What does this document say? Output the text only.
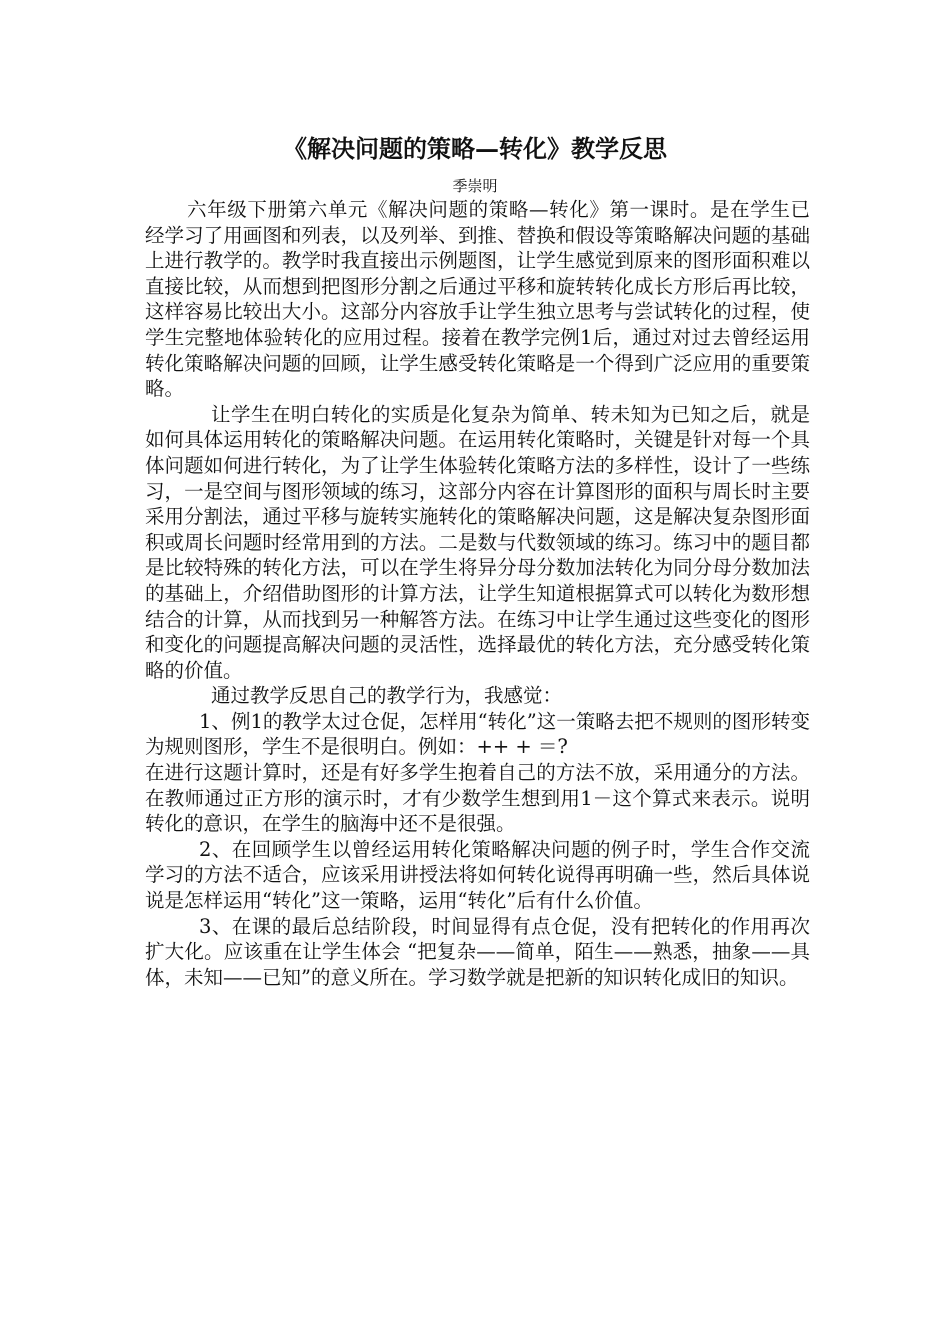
《解决问题的策略—转化》教学反思
季崇明

六年级下册第六单元《解决问题的策略—转化》第一课时。是在学生已经学习了用画图和列表，以及列举、到推、替换和假设等策略解决问题的基础上进行教学的。教学时我直接出示例题图，让学生感觉到原来的图形面积难以直接比较，从而想到把图形分割之后通过平移和旋转转化成长方形后再比较，这样容易比较出大小。这部分内容放手让学生独立思考与尝试转化的过程，使学生完整地体验转化的应用过程。接着在教学完例1后，通过对过去曾经运用转化策略解决问题的回顾，让学生感受转化策略是一个得到广泛应用的重要策略。

让学生在明白转化的实质是化复杂为简单、转未知为已知之后，就是如何具体运用转化的策略解决问题。在运用转化策略时，关键是针对每一个具体问题如何进行转化，为了让学生体验转化策略方法的多样性，设计了一些练习，一是空间与图形领域的练习，这部分内容在计算图形的面积与周长时主要采用分割法，通过平移与旋转实施转化的策略解决问题，这是解决复杂图形面积或周长问题时经常用到的方法。二是数与代数领域的练习。练习中的题目都是比较特殊的转化方法，可以在学生将异分母分数加法转化为同分母分数加法的基础上，介绍借助图形的计算方法，让学生知道根据算式可以转化为数形想结合的计算，从而找到另一种解答方法。在练习中让学生通过这些变化的图形和变化的问题提高解决问题的灵活性，选择最优的转化方法，充分感受转化策略的价值。

通过教学反思自己的教学行为，我感觉：

1、例1的教学太过仓促，怎样用“转化”这一策略去把不规则的图形转变为规则图形，学生不是很明白。例如：++ + ＝?

在进行这题计算时，还是有好多学生抱着自己的方法不放，采用通分的方法。在教师通过正方形的演示时，才有少数学生想到用1－这个算式来表示。说明转化的意识，在学生的脑海中还不是很强。

2、在回顾学生以曾经运用转化策略解决问题的例子时，学生合作交流学习的方法不适合，应该采用讲授法将如何转化说得再明确一些，然后具体说说是怎样运用“转化”这一策略，运用“转化”后有什么价值。

3、在课的最后总结阶段，时间显得有点仓促，没有把转化的作用再次扩大化。应该重在让学生体会 “把复杂——简单，陌生——熟悉，抽象——具体，未知——已知”的意义所在。学习数学就是把新的知识转化成旧的知识。
